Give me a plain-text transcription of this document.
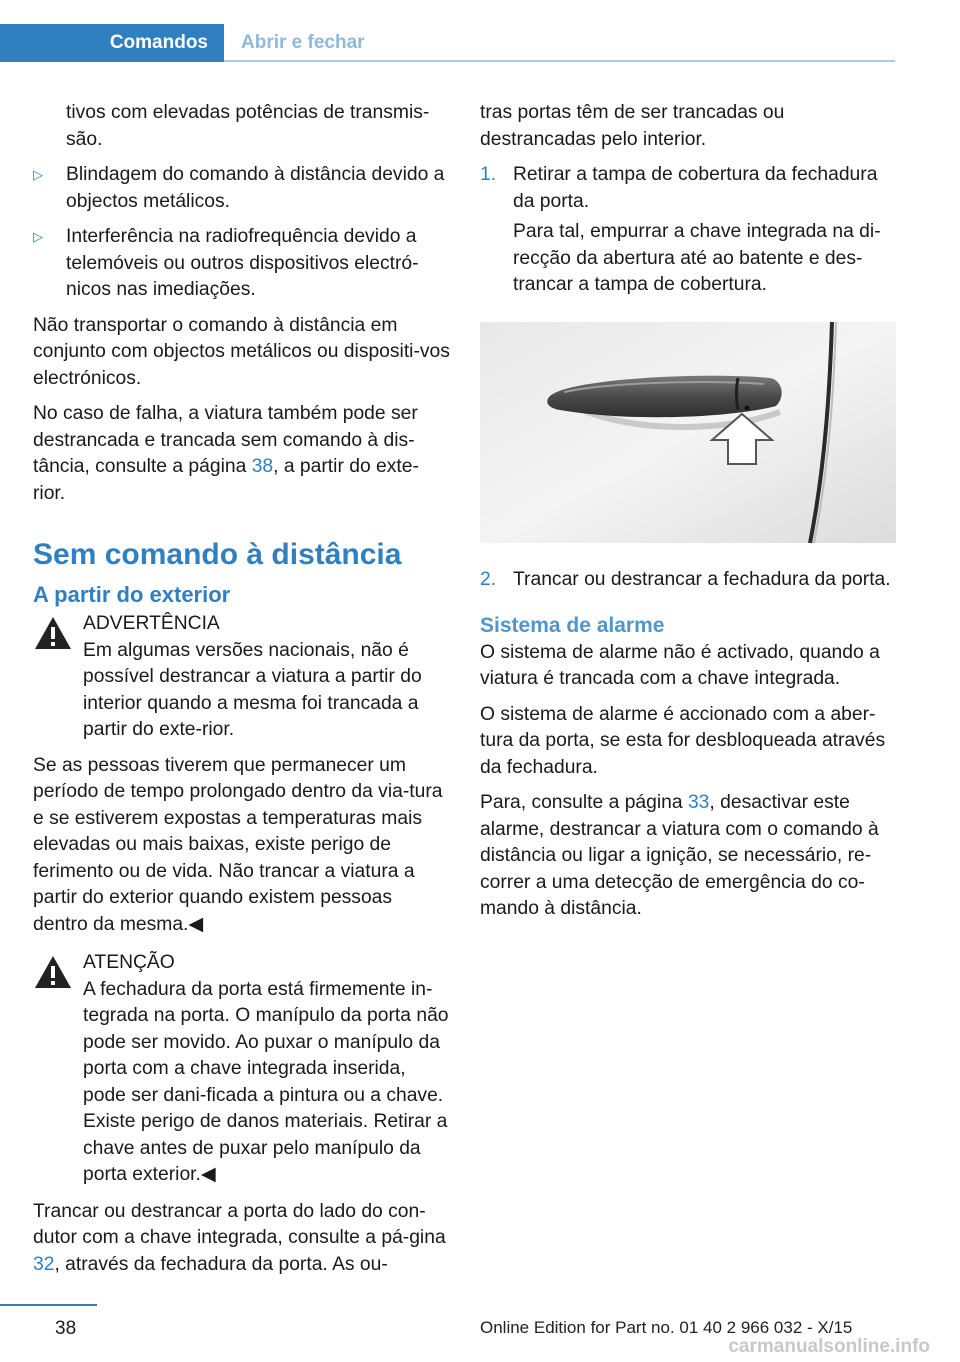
Comandos	Abrir e fechar

tivos com elevadas potências de transmis-são.

▷	Blindagem do comando à distância devido a objectos metálicos.
▷	Interferência na radiofrequência devido a telemóveis ou outros dispositivos electró-nicos nas imediações.

Não transportar o comando à distância em conjunto com objectos metálicos ou dispositi-vos electrónicos.

No caso de falha, a viatura também pode ser destrancada e trancada sem comando à dis-tância, consulte a página 38, a partir do exte-rior.

Sem comando à distância
A partir do exterior
ADVERTÊNCIA

Em algumas versões nacionais, não é possível destrancar a viatura a partir do interior quando a mesma foi trancada a partir do exte-rior.

Se as pessoas tiverem que permanecer um período de tempo prolongado dentro da via-tura e se estiverem expostas a temperaturas mais elevadas ou mais baixas, existe perigo de ferimento ou de vida. Não trancar a viatura a partir do exterior quando existem pessoas dentro da mesma.◀

ATENÇÃO

A fechadura da porta está firmemente in-tegrada na porta. O manípulo da porta não pode ser movido. Ao puxar o manípulo da porta com a chave integrada inserida, pode ser dani-ficada a pintura ou a chave. Existe perigo de danos materiais. Retirar a chave antes de puxar pelo manípulo da porta exterior.◀

Trancar ou destrancar a porta do lado do con-dutor com a chave integrada, consulte a pá-gina 32, através da fechadura da porta. As ou-

tras portas têm de ser trancadas ou destrancadas pelo interior.

1. Retirar a tampa de cobertura da fechadura da porta.

Para tal, empurrar a chave integrada na di-recção da abertura até ao batente e des-trancar a tampa de cobertura.

2. Trancar ou destrancar a fechadura da porta.
Sistema de alarme

O sistema de alarme não é activado, quando a viatura é trancada com a chave integrada.

O sistema de alarme é accionado com a aber-tura da porta, se esta for desbloqueada através da fechadura.

Para, consulte a página 33, desactivar este alarme, destrancar a viatura com o comando à distância ou ligar a ignição, se necessário, re-correr a uma detecção de emergência do co-mando à distância.

38	Online Edition for Part no. 01 40 2 966 032 - X/15
carmanualsonline.info
